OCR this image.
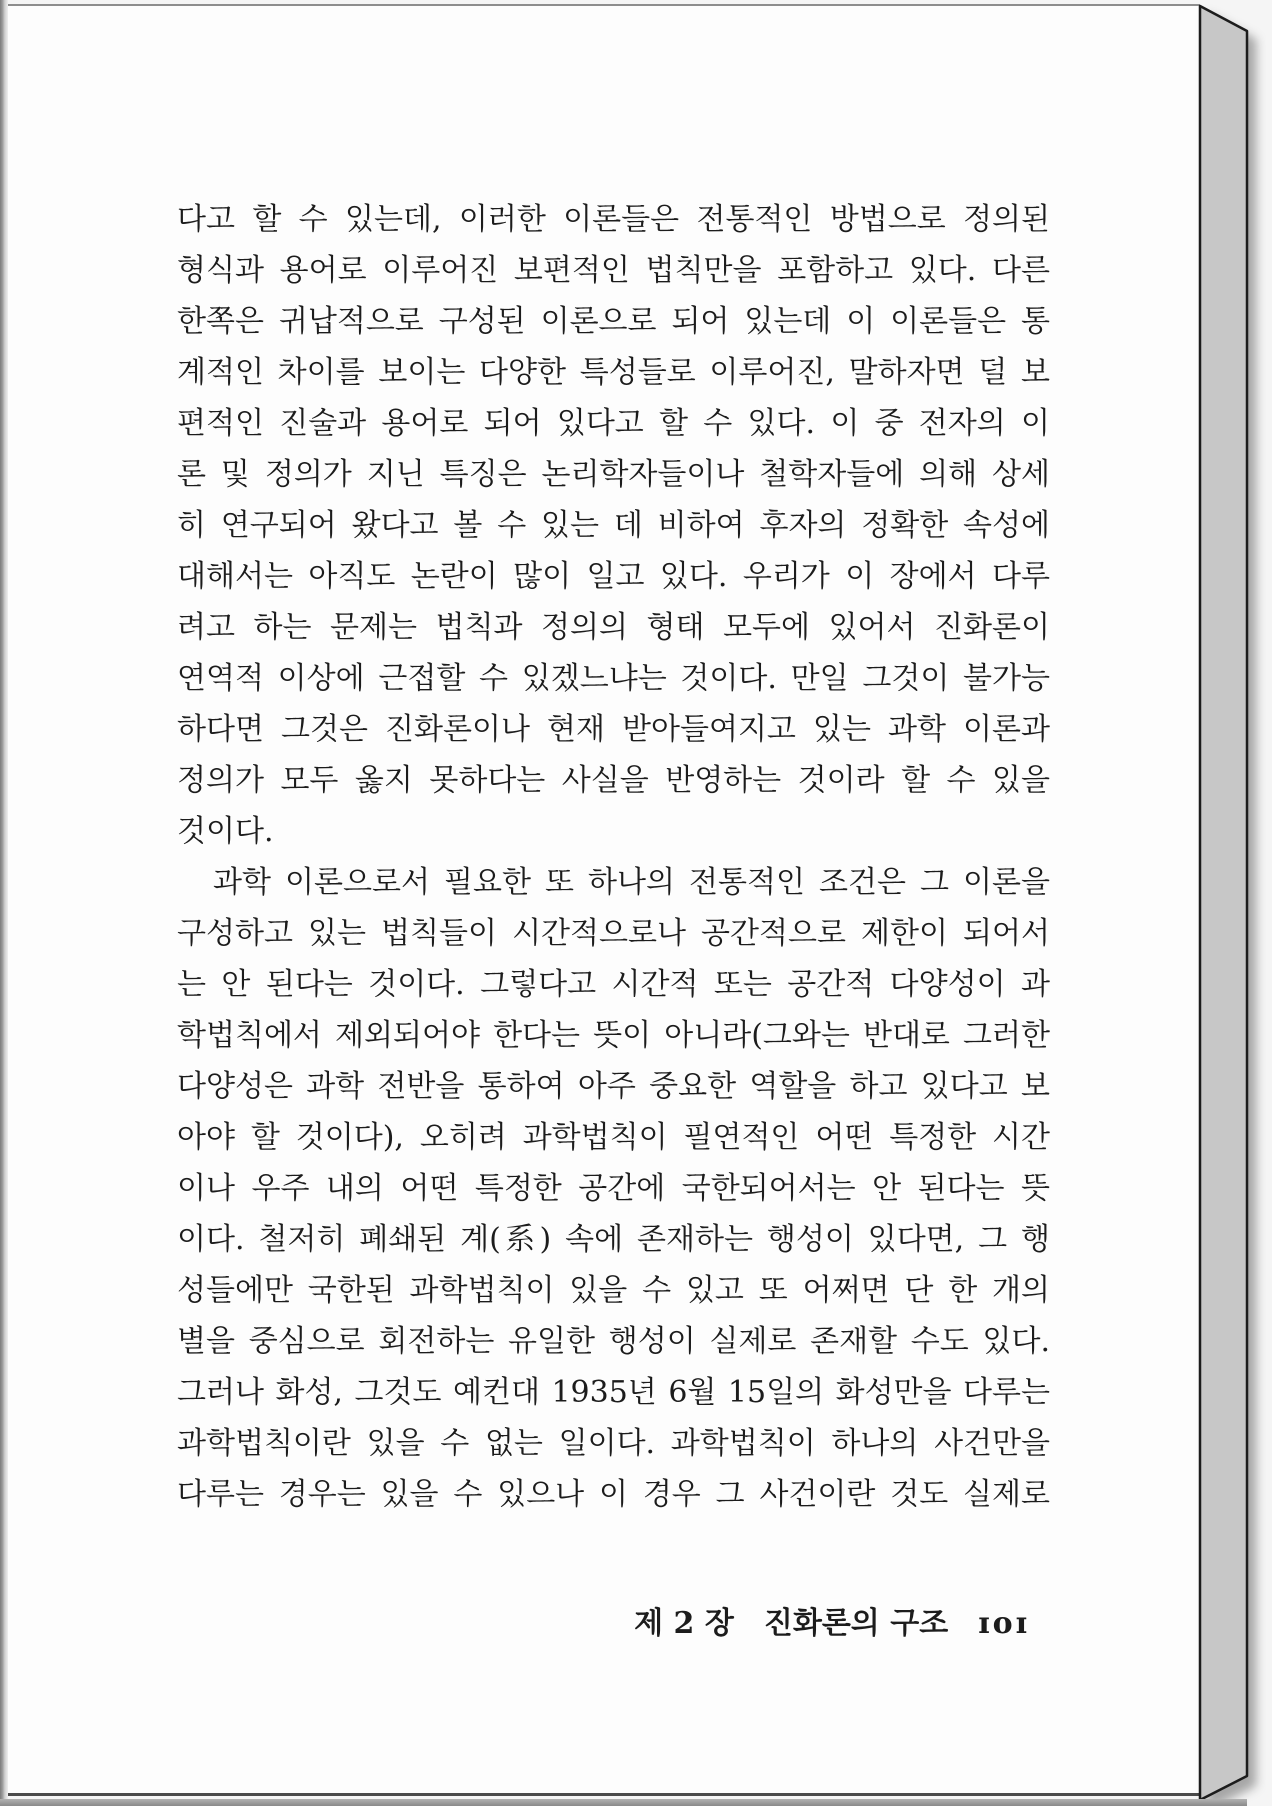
다고 할 수 있는데, 이러한 이론들은 전통적인 방법으로 정의된
형식과 용어로 이루어진 보편적인 법칙만을 포함하고 있다. 다른
한쪽은 귀납적으로 구성된 이론으로 되어 있는데 이 이론들은 통
계적인 차이를 보이는 다양한 특성들로 이루어진, 말하자면 덜 보
편적인 진술과 용어로 되어 있다고 할 수 있다. 이 중 전자의 이
론 및 정의가 지닌 특징은 논리학자들이나 철학자들에 의해 상세
히 연구되어 왔다고 볼 수 있는 데 비하여 후자의 정확한 속성에
대해서는 아직도 논란이 많이 일고 있다. 우리가 이 장에서 다루
려고 하는 문제는 법칙과 정의의 형태 모두에 있어서 진화론이
연역적 이상에 근접할 수 있겠느냐는 것이다. 만일 그것이 불가능
하다면 그것은 진화론이나 현재 받아들여지고 있는 과학 이론과
정의가 모두 옳지 못하다는 사실을 반영하는 것이라 할 수 있을
것이다.
과학 이론으로서 필요한 또 하나의 전통적인 조건은 그 이론을
구성하고 있는 법칙들이 시간적으로나 공간적으로 제한이 되어서
는 안 된다는 것이다. 그렇다고 시간적 또는 공간적 다양성이 과
학법칙에서 제외되어야 한다는 뜻이 아니라(그와는 반대로 그러한
다양성은 과학 전반을 통하여 아주 중요한 역할을 하고 있다고 보
아야 할 것이다), 오히려 과학법칙이 필연적인 어떤 특정한 시간
이나 우주 내의 어떤 특정한 공간에 국한되어서는 안 된다는 뜻
이다. 철저히 폐쇄된 계(系) 속에 존재하는 행성이 있다면, 그 행
성들에만 국한된 과학법칙이 있을 수 있고 또 어쩌면 단 한 개의
별을 중심으로 회전하는 유일한 행성이 실제로 존재할 수도 있다.
그러나 화성, 그것도 예컨대 1935년 6월 15일의 화성만을 다루는
과학법칙이란 있을 수 없는 일이다. 과학법칙이 하나의 사건만을
다루는 경우는 있을 수 있으나 이 경우 그 사건이란 것도 실제로
제 2 장 진화론의 구조 ɪoɪ
